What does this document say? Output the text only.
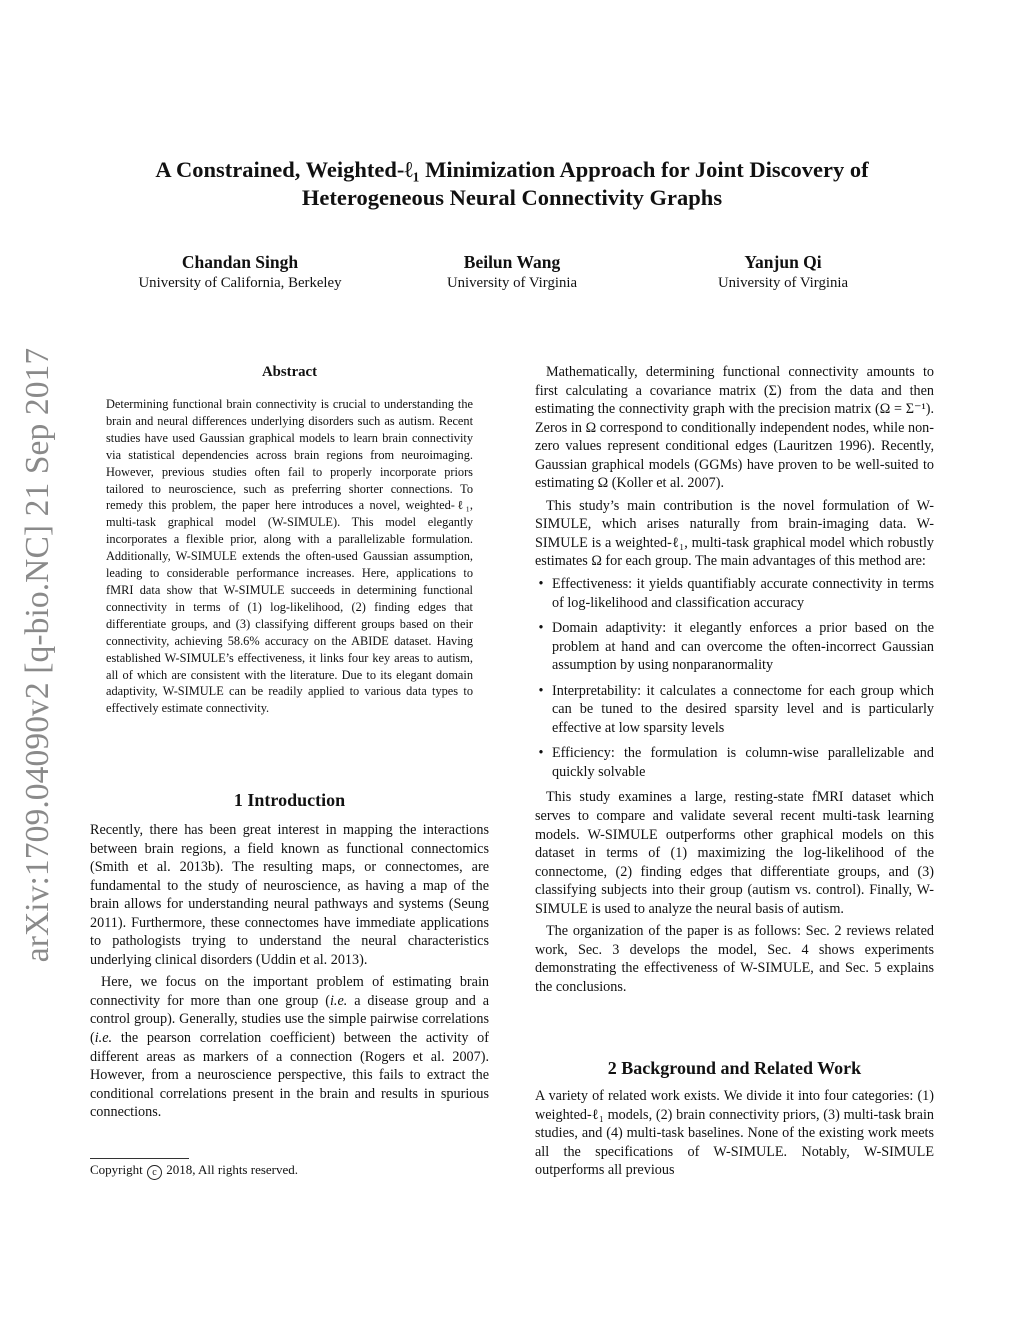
arXiv:1709.04090v2 [q-bio.NC] 21 Sep 2017
A Constrained, Weighted-ℓ₁ Minimization Approach for Joint Discovery of
Heterogeneous Neural Connectivity Graphs
Chandan Singh
University of California, Berkeley
Beilun Wang
University of Virginia
Yanjun Qi
University of Virginia
Abstract
Determining functional brain connectivity is crucial to understanding the brain and neural differences underlying disorders such as autism. Recent studies have used Gaussian graphical models to learn brain connectivity via statistical dependencies across brain regions from neuroimaging. However, previous studies often fail to properly incorporate priors tailored to neuroscience, such as preferring shorter connections. To remedy this problem, the paper here introduces a novel, weighted-ℓ₁, multi-task graphical model (W-SIMULE). This model elegantly incorporates a flexible prior, along with a parallelizable formulation. Additionally, W-SIMULE extends the often-used Gaussian assumption, leading to considerable performance increases. Here, applications to fMRI data show that W-SIMULE succeeds in determining functional connectivity in terms of (1) log-likelihood, (2) finding edges that differentiate groups, and (3) classifying different groups based on their connectivity, achieving 58.6% accuracy on the ABIDE dataset. Having established W-SIMULE’s effectiveness, it links four key areas to autism, all of which are consistent with the literature. Due to its elegant domain adaptivity, W-SIMULE can be readily applied to various data types to effectively estimate connectivity.
1 Introduction

Recently, there has been great interest in mapping the interactions between brain regions, a field known as functional connectomics (Smith et al. 2013b). The resulting maps, or connectomes, are fundamental to the study of neuroscience, as having a map of the brain allows for understanding neural pathways and systems (Seung 2011). Furthermore, these connectomes have immediate applications to pathologists trying to understand the neural characteristics underlying clinical disorders (Uddin et al. 2013).

Here, we focus on the important problem of estimating brain connectivity for more than one group (i.e. a disease group and a control group). Generally, studies use the simple pairwise correlations (i.e. the pearson correlation coefficient) between the activity of different areas as markers of a connection (Rogers et al. 2007). However, from a neuroscience perspective, this fails to extract the conditional correlations present in the brain and results in spurious connections.

Copyright c 2018, All rights reserved.

Mathematically, determining functional connectivity amounts to first calculating a covariance matrix (Σ) from the data and then estimating the connectivity graph with the precision matrix (Ω = Σ⁻¹). Zeros in Ω correspond to conditionally independent nodes, while non-zero values represent conditional edges (Lauritzen 1996). Recently, Gaussian graphical models (GGMs) have proven to be well-suited to estimating Ω (Koller et al. 2007).

This study’s main contribution is the novel formulation of W-SIMULE, which arises naturally from brain-imaging data. W-SIMULE is a weighted-ℓ₁, multi-task graphical model which robustly estimates Ω for each group. The main advantages of this method are:

• Effectiveness: it yields quantifiably accurate connectivity in terms of log-likelihood and classification accuracy
• Domain adaptivity: it elegantly enforces a prior based on the problem at hand and can overcome the often-incorrect Gaussian assumption by using nonparanormality
• Interpretability: it calculates a connectome for each group which can be tuned to the desired sparsity level and is particularly effective at low sparsity levels
• Efficiency: the formulation is column-wise parallelizable and quickly solvable

This study examines a large, resting-state fMRI dataset which serves to compare and validate several recent multi-task learning models. W-SIMULE outperforms other graphical models on this dataset in terms of (1) maximizing the log-likelihood of the connectome, (2) finding edges that differentiate groups, and (3) classifying subjects into their group (autism vs. control). Finally, W-SIMULE is used to analyze the neural basis of autism.

The organization of the paper is as follows: Sec. 2 reviews related work, Sec. 3 develops the model, Sec. 4 shows experiments demonstrating the effectiveness of W-SIMULE, and Sec. 5 explains the conclusions.

2 Background and Related Work

A variety of related work exists. We divide it into four categories: (1) weighted-ℓ₁ models, (2) brain connectivity priors, (3) multi-task brain studies, and (4) multi-task baselines. None of the existing work meets all the specifications of W-SIMULE. Notably, W-SIMULE outperforms all previous
